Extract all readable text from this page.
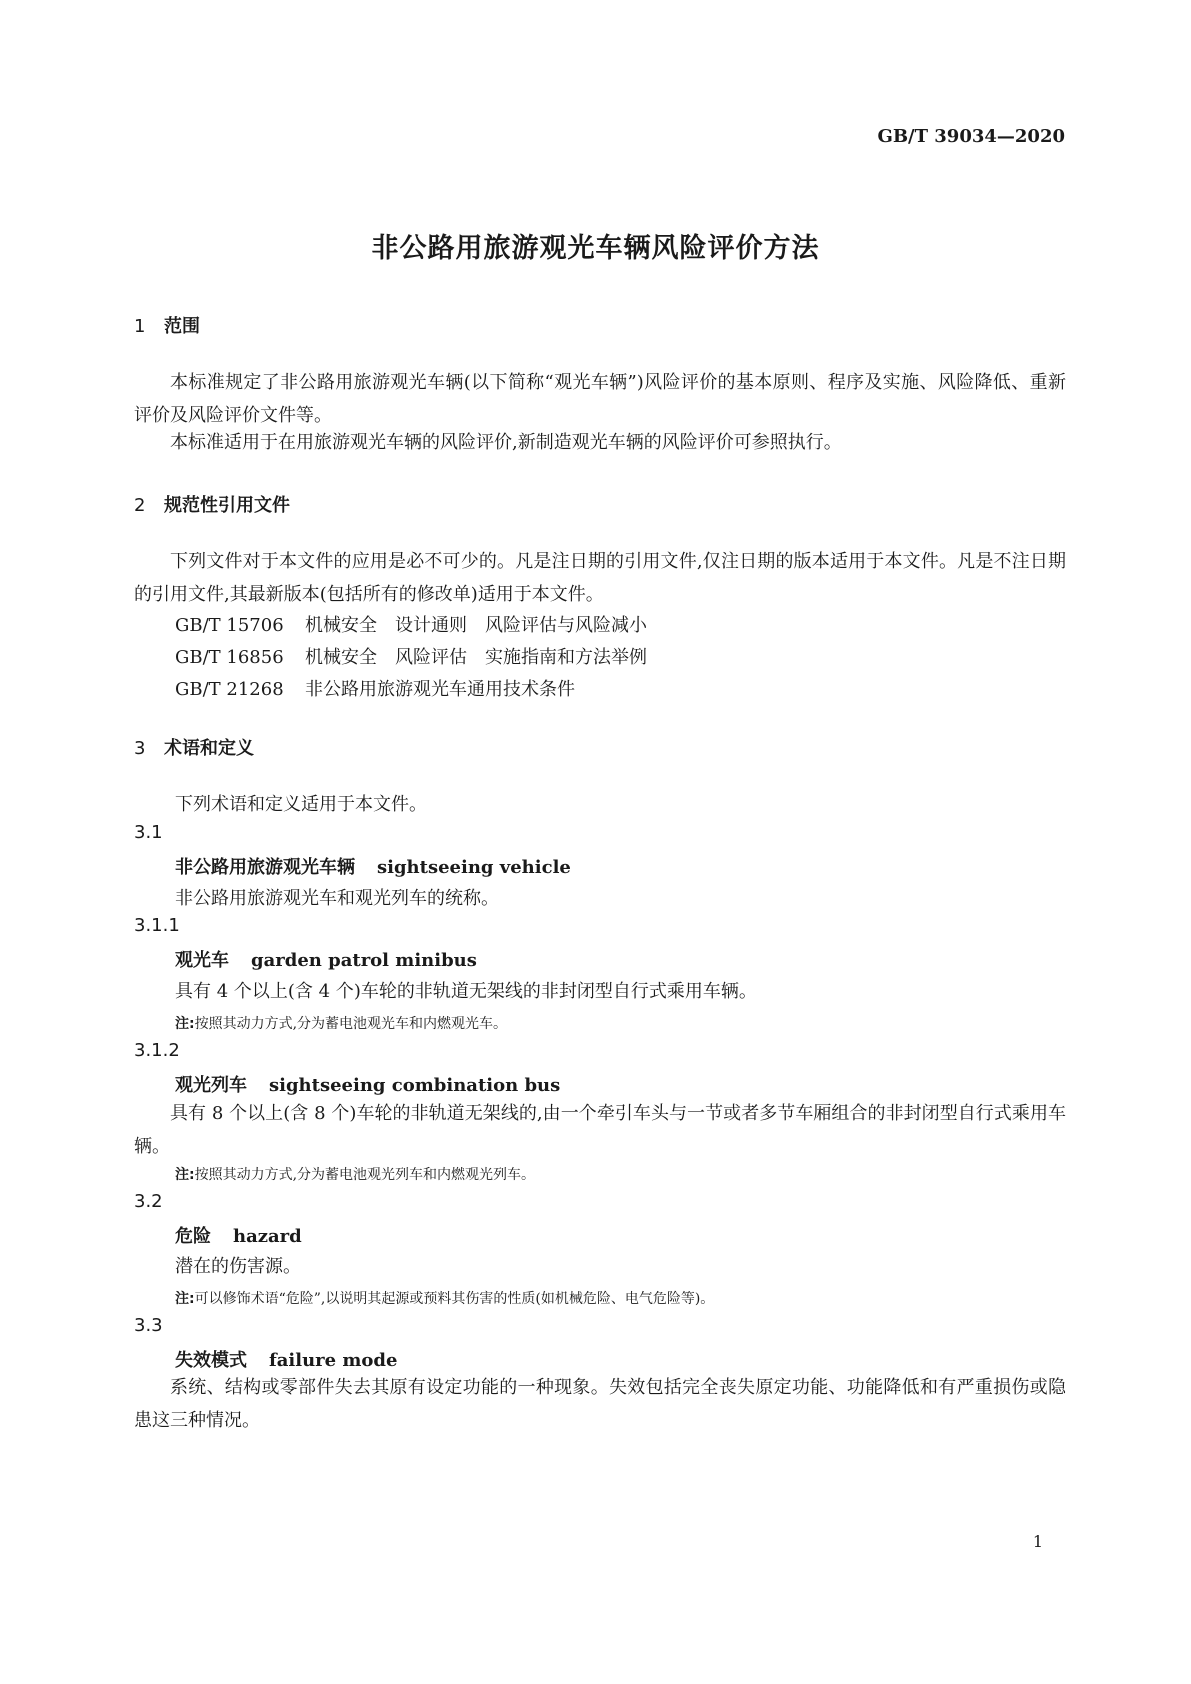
GB/T 39034—2020
非公路用旅游观光车辆风险评价方法
1 范围
本标准规定了非公路用旅游观光车辆(以下简称“观光车辆”)风险评价的基本原则、程序及实施、风险降低、重新评价及风险评价文件等。
本标准适用于在用旅游观光车辆的风险评价,新制造观光车辆的风险评价可参照执行。
2 规范性引用文件
下列文件对于本文件的应用是必不可少的。凡是注日期的引用文件,仅注日期的版本适用于本文件。凡是不注日期的引用文件,其最新版本(包括所有的修改单)适用于本文件。
GB/T 15706 机械安全　设计通则　风险评估与风险减小
GB/T 16856 机械安全　风险评估　实施指南和方法举例
GB/T 21268 非公路用旅游观光车通用技术条件
3 术语和定义
下列术语和定义适用于本文件。
3.1
非公路用旅游观光车辆 sightseeing vehicle
非公路用旅游观光车和观光列车的统称。
3.1.1
观光车 garden patrol minibus
具有 4 个以上(含 4 个)车轮的非轨道无架线的非封闭型自行式乘用车辆。
注:按照其动力方式,分为蓄电池观光车和内燃观光车。
3.1.2
观光列车 sightseeing combination bus
具有 8 个以上(含 8 个)车轮的非轨道无架线的,由一个牵引车头与一节或者多节车厢组合的非封闭型自行式乘用车辆。
注:按照其动力方式,分为蓄电池观光列车和内燃观光列车。
3.2
危险 hazard
潜在的伤害源。
注:可以修饰术语“危险”,以说明其起源或预料其伤害的性质(如机械危险、电气危险等)。
3.3
失效模式 failure mode
系统、结构或零部件失去其原有设定功能的一种现象。失效包括完全丧失原定功能、功能降低和有严重损伤或隐患这三种情况。
1
